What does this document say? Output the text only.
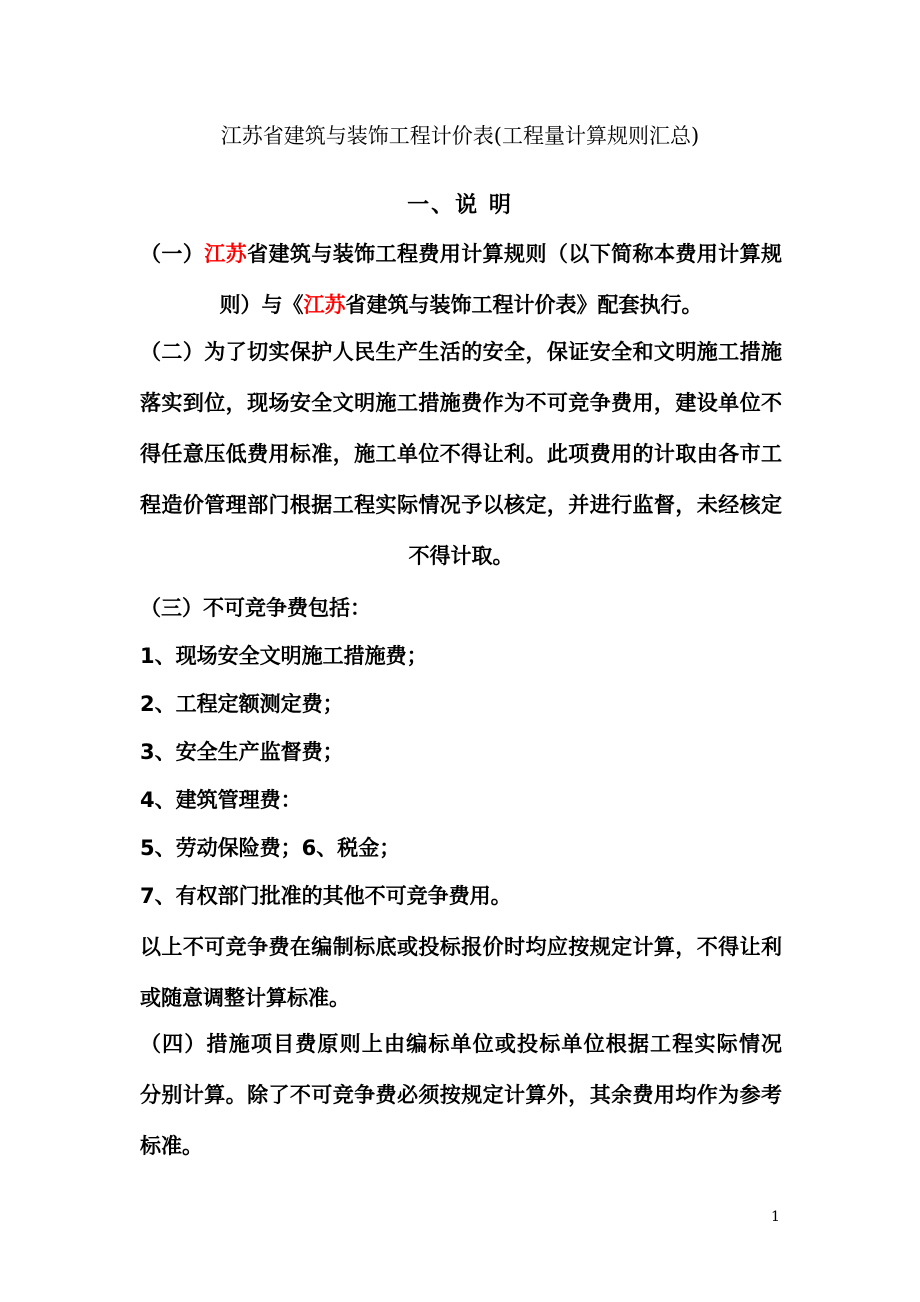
江苏省建筑与装饰工程计价表(工程量计算规则汇总)
一、说 明
（一）江苏省建筑与装饰工程费用计算规则（以下简称本费用计算规
则）与《江苏省建筑与装饰工程计价表》配套执行。
（二）为了切实保护人民生产生活的安全，保证安全和文明施工措施
落实到位，现场安全文明施工措施费作为不可竞争费用，建设单位不
得任意压低费用标准，施工单位不得让利。此项费用的计取由各市工
程造价管理部门根据工程实际情况予以核定，并进行监督，未经核定
不得计取。
（三）不可竞争费包括：
1、现场安全文明施工措施费；
2、工程定额测定费；
3、安全生产监督费；
4、建筑管理费：
5、劳动保险费；6、税金；
7、有权部门批准的其他不可竞争费用。
以上不可竞争费在编制标底或投标报价时均应按规定计算，不得让利
或随意调整计算标准。
（四）措施项目费原则上由编标单位或投标单位根据工程实际情况
分别计算。除了不可竞争费必须按规定计算外，其余费用均作为参考
标准。
1
